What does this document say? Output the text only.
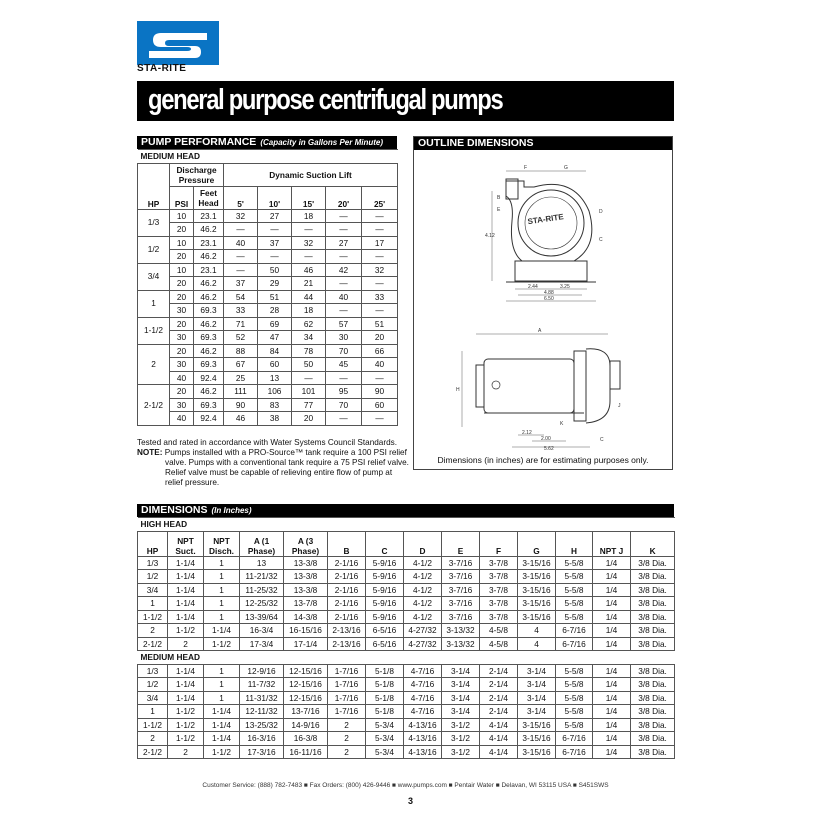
STA-RITE
general purpose centrifugal pumps
PUMP PERFORMANCE (Capacity in Gallons Per Minute)
MEDIUM HEAD							
HP	Discharge Pressure		Dynamic Suction Lift				
	PSI	Feet Head	5'	10'	15'	20'	25'
1/3	10	23.1	32	27	18	—	—
	20	46.2	—	—	—	—	—
1/2	10	23.1	40	37	32	27	17
	20	46.2	—	—	—	—	—
3/4	10	23.1	—	50	46	42	32
	20	46.2	37	29	21	—	—
1	20	46.2	54	51	44	40	33
	30	69.3	33	28	18	—	—
1-1/2	20	46.2	71	69	62	57	51
	30	69.3	52	47	34	30	20
2	20	46.2	88	84	78	70	66
	30	69.3	67	60	50	45	40
	40	92.4	25	13	—	—	—
2-1/2	20	46.2	111	106	101	95	90
	30	69.3	90	83	77	70	60
	40	92.4	46	38	20	—	—
Tested and rated in accordance with Water Systems Council Standards.
NOTE: Pumps installed with a PRO-Source™ tank require a 100 PSI relief valve. Pumps with a conventional tank require a 75 PSI relief valve. Relief valve must be capable of relieving entire flow of pump at relief pressure.
OUTLINE DIMENSIONS
F	G
STA-RITE
4.12
E
B
D
C
2.44	3.25
4.88
6.50
A
H
J
K
2.12
2.00
5.62
C
Dimensions (in inches) are for estimating purposes only.
DIMENSIONS (In Inches)
HIGH HEAD													
HP	NPT Suct.	NPT Disch.	A (1 Phase)	A (3 Phase)	B	C	D	E	F	G	H	NPT J	K
1/3	1-1/4	1	13	13-3/8	2-1/16	5-9/16	4-1/2	3-7/16	3-7/8	3-15/16	5-5/8	1/4	3/8 Dia.
1/2	1-1/4	1	11-21/32	13-3/8	2-1/16	5-9/16	4-1/2	3-7/16	3-7/8	3-15/16	5-5/8	1/4	3/8 Dia.
3/4	1-1/4	1	11-25/32	13-3/8	2-1/16	5-9/16	4-1/2	3-7/16	3-7/8	3-15/16	5-5/8	1/4	3/8 Dia.
1	1-1/4	1	12-25/32	13-7/8	2-1/16	5-9/16	4-1/2	3-7/16	3-7/8	3-15/16	5-5/8	1/4	3/8 Dia.
1-1/2	1-1/4	1	13-39/64	14-3/8	2-1/16	5-9/16	4-1/2	3-7/16	3-7/8	3-15/16	5-5/8	1/4	3/8 Dia.
2	1-1/2	1-1/4	16-3/4	16-15/16	2-13/16	6-5/16	4-27/32	3-13/32	4-5/8	4	6-7/16	1/4	3/8 Dia.
2-1/2	2	1-1/2	17-3/4	17-1/4	2-13/16	6-5/16	4-27/32	3-13/32	4-5/8	4	6-7/16	1/4	3/8 Dia.
MEDIUM HEAD													
1/3	1-1/4	1	12-9/16	12-15/16	1-7/16	5-1/8	4-7/16	3-1/4	2-1/4	3-1/4	5-5/8	1/4	3/8 Dia.
1/2	1-1/4	1	11-7/32	12-15/16	1-7/16	5-1/8	4-7/16	3-1/4	2-1/4	3-1/4	5-5/8	1/4	3/8 Dia.
3/4	1-1/4	1	11-31/32	12-15/16	1-7/16	5-1/8	4-7/16	3-1/4	2-1/4	3-1/4	5-5/8	1/4	3/8 Dia.
1	1-1/2	1-1/4	12-11/32	13-7/16	1-7/16	5-1/8	4-7/16	3-1/4	2-1/4	3-1/4	5-5/8	1/4	3/8 Dia.
1-1/2	1-1/2	1-1/4	13-25/32	14-9/16	2	5-3/4	4-13/16	3-1/2	4-1/4	3-15/16	5-5/8	1/4	3/8 Dia.
2	1-1/2	1-1/4	16-3/16	16-3/8	2	5-3/4	4-13/16	3-1/2	4-1/4	3-15/16	6-7/16	1/4	3/8 Dia.
2-1/2	2	1-1/2	17-3/16	16-11/16	2	5-3/4	4-13/16	3-1/2	4-1/4	3-15/16	6-7/16	1/4	3/8 Dia.
Customer Service: (888) 782-7483 ■ Fax Orders: (800) 426-9446 ■ www.pumps.com ■ Pentair Water ■ Delavan, WI 53115 USA ■ S451SWS
3
